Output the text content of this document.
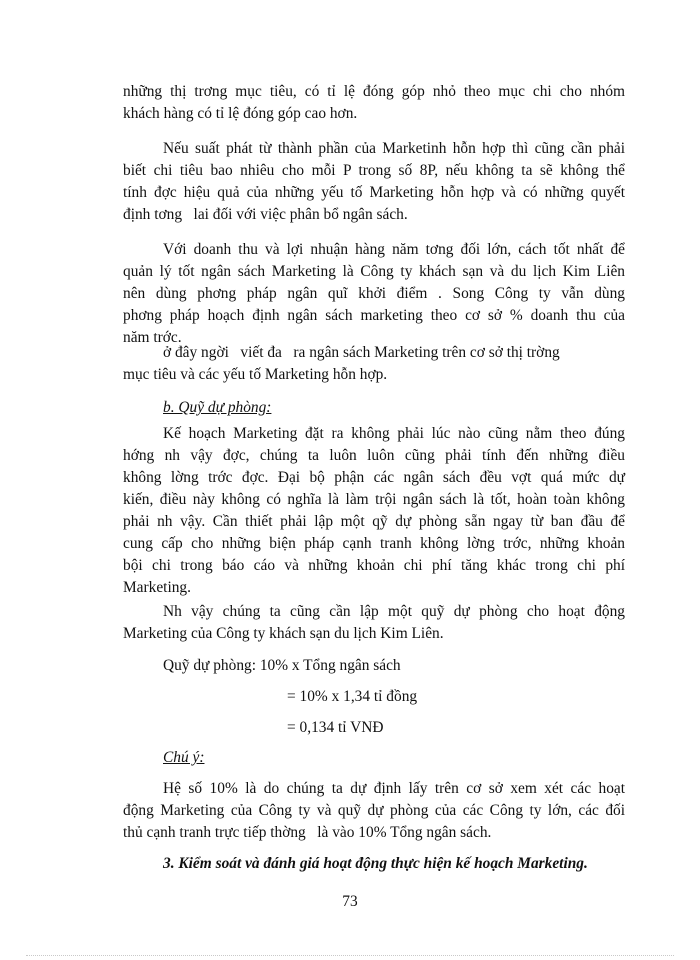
những thị trơng mục tiêu, có tỉ lệ đóng góp nhỏ theo mục chi cho nhóm

khách hàng có tỉ lệ đóng góp cao hơn.

Nếu suất phát từ thành phần của Marketinh hỗn hợp thì cũng cần phải

biết chi tiêu bao nhiêu cho mỗi P trong số 8P, nếu không ta sẽ không thể

tính đợc hiệu quả của những yếu tố Marketing hỗn hợp và có những quyết

định tơng   lai đối với việc phân bổ ngân sách.

Với doanh thu và lợi nhuận hàng năm tơng đối lớn, cách tốt nhất để

quản lý tốt ngân sách Marketing là Công ty khách sạn và du lịch Kim Liên

nên dùng phơng pháp ngân quĩ khởi điểm . Song Công ty vẫn dùng

phơng pháp hoạch định ngân sách marketing theo cơ sở % doanh thu của

năm trớc.

ở đây ngời   viết đa   ra ngân sách Marketing trên cơ sở thị trờng

mục tiêu và các yếu tố Marketing hỗn hợp.

b. Quỹ dự phòng:

Kế hoạch Marketing đặt ra không phải lúc nào cũng nằm theo đúng

hớng nh vậy đợc, chúng ta luôn luôn cũng phải tính đến những điều

không lờng trớc đợc. Đại bộ phận các ngân sách đều vợt quá mức dự

kiến, điều này không có nghĩa là làm trội ngân sách là tốt, hoàn toàn không

phải nh vậy. Cần thiết phải lập một qỹ dự phòng sẵn ngay từ ban đầu để

cung cấp cho những biện pháp cạnh tranh không lờng trớc, những khoản

bội chi trong báo cáo và những khoản chi phí tăng khác trong chi phí

Marketing.

Nh vậy chúng ta cũng cần lập một quỹ dự phòng cho hoạt động

Marketing của Công ty khách sạn du lịch Kim Liên.

Quỹ dự phòng: 10% x Tổng ngân sách

= 10% x 1,34 tỉ đồng

= 0,134 tỉ VNĐ

Chú ý:

Hệ số 10% là do chúng ta dự định lấy trên cơ sở xem xét các hoạt

động Marketing của Công ty và quỹ dự phòng của các Công ty lớn, các đối

thủ cạnh tranh trực tiếp thờng   là vào 10% Tổng ngân sách.

3. Kiểm soát và đánh giá hoạt động thực hiện kế hoạch Marketing.

73
